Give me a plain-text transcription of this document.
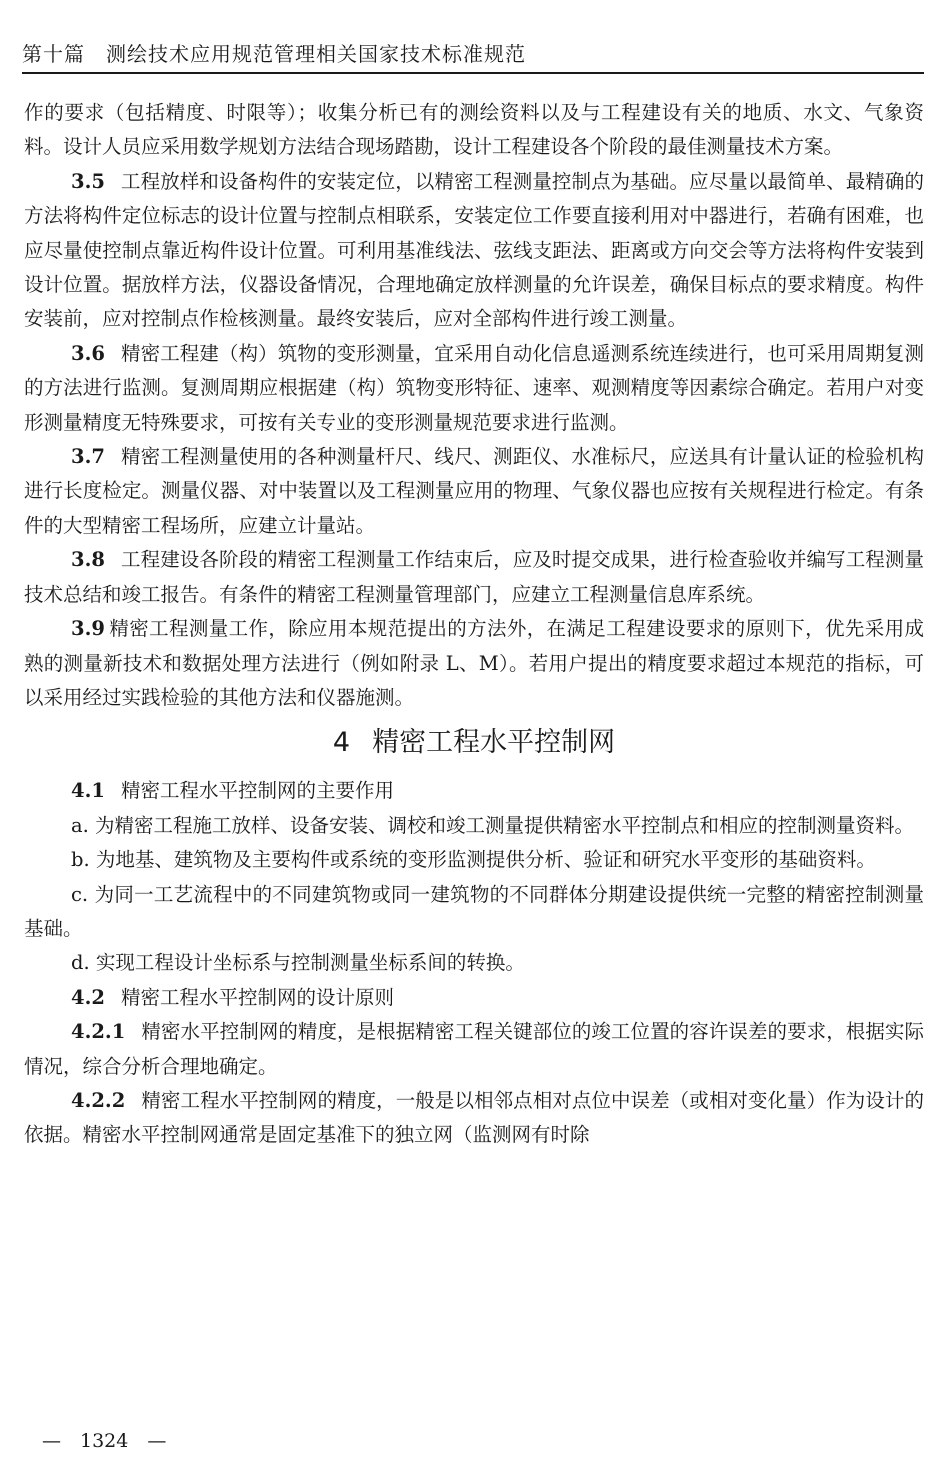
第十篇　测绘技术应用规范管理相关国家技术标准规范

作的要求（包括精度、时限等）；收集分析已有的测绘资料以及与工程建设有关的地质、水文、气象资料。设计人员应采用数学规划方法结合现场踏勘，设计工程建设各个阶段的最佳测量技术方案。

3.5 工程放样和设备构件的安装定位，以精密工程测量控制点为基础。应尽量以最简单、最精确的方法将构件定位标志的设计位置与控制点相联系，安装定位工作要直接利用对中器进行，若确有困难，也应尽量使控制点靠近构件设计位置。可利用基准线法、弦线支距法、距离或方向交会等方法将构件安装到设计位置。据放样方法，仪器设备情况，合理地确定放样测量的允许误差，确保目标点的要求精度。构件安装前，应对控制点作检核测量。最终安装后，应对全部构件进行竣工测量。

3.6 精密工程建（构）筑物的变形测量，宜采用自动化信息遥测系统连续进行，也可采用周期复测的方法进行监测。复测周期应根据建（构）筑物变形特征、速率、观测精度等因素综合确定。若用户对变形测量精度无特殊要求，可按有关专业的变形测量规范要求进行监测。

3.7 精密工程测量使用的各种测量杆尺、线尺、测距仪、水准标尺，应送具有计量认证的检验机构进行长度检定。测量仪器、对中装置以及工程测量应用的物理、气象仪器也应按有关规程进行检定。有条件的大型精密工程场所，应建立计量站。

3.8 工程建设各阶段的精密工程测量工作结束后，应及时提交成果，进行检查验收并编写工程测量技术总结和竣工报告。有条件的精密工程测量管理部门，应建立工程测量信息库系统。

3.9 精密工程测量工作，除应用本规范提出的方法外，在满足工程建设要求的原则下，优先采用成熟的测量新技术和数据处理方法进行（例如附录 L、M）。若用户提出的精度要求超过本规范的指标，可以采用经过实践检验的其他方法和仪器施测。

4 精密工程水平控制网

4.1 精密工程水平控制网的主要作用

a. 为精密工程施工放样、设备安装、调校和竣工测量提供精密水平控制点和相应的控制测量资料。

b. 为地基、建筑物及主要构件或系统的变形监测提供分析、验证和研究水平变形的基础资料。

c. 为同一工艺流程中的不同建筑物或同一建筑物的不同群体分期建设提供统一完整的精密控制测量基础。

d. 实现工程设计坐标系与控制测量坐标系间的转换。

4.2 精密工程水平控制网的设计原则

4.2.1 精密水平控制网的精度，是根据精密工程关键部位的竣工位置的容许误差的要求，根据实际情况，综合分析合理地确定。

4.2.2 精密工程水平控制网的精度，一般是以相邻点相对点位中误差（或相对变化量）作为设计的依据。精密水平控制网通常是固定基准下的独立网（监测网有时除

—　1324　—
